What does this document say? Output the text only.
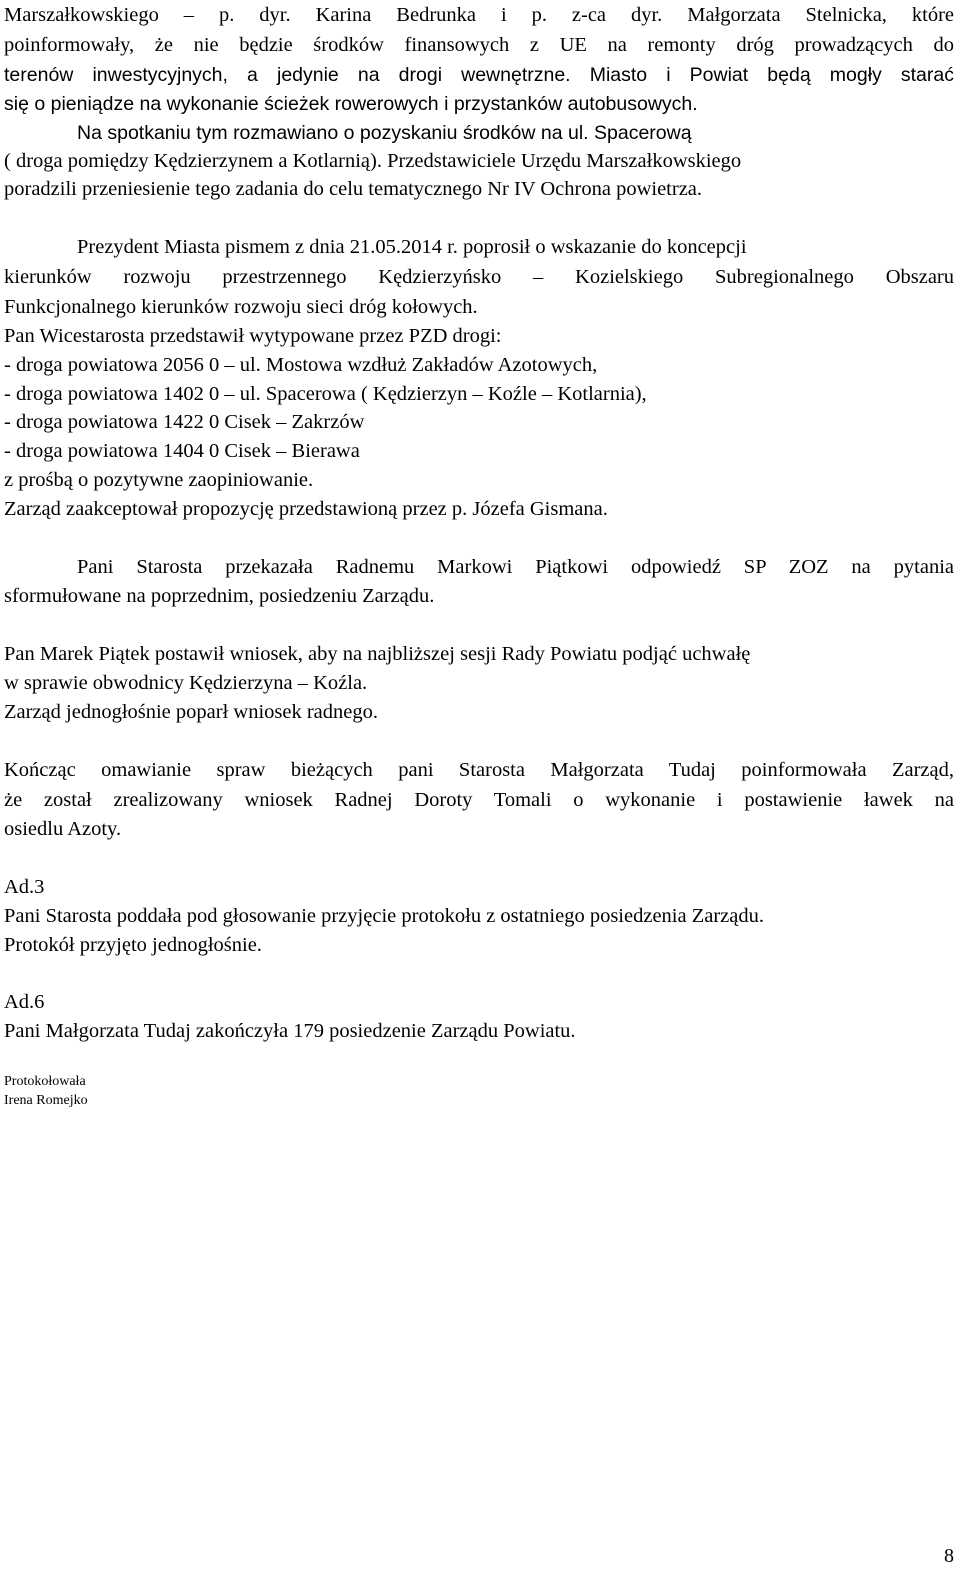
Marszałkowskiego – p. dyr. Karina Bedrunka i p. z-ca dyr. Małgorzata Stelnicka, które
poinformowały, że nie będzie środków finansowych z UE na remonty dróg prowadzących do
terenów inwestycyjnych, a jedynie na drogi wewnętrzne. Miasto i Powiat będą mogły starać
się o pieniądze na wykonanie ścieżek rowerowych i przystanków autobusowych.
Na spotkaniu tym rozmawiano o pozyskaniu środków na ul. Spacerową
( droga pomiędzy Kędzierzynem a Kotlarnią). Przedstawiciele Urzędu Marszałkowskiego
poradzili przeniesienie tego zadania do celu tematycznego Nr IV Ochrona powietrza.
Prezydent Miasta pismem z dnia 21.05.2014 r. poprosił o wskazanie do koncepcji
kierunków rozwoju przestrzennego Kędzierzyńsko – Kozielskiego Subregionalnego Obszaru
Funkcjonalnego kierunków rozwoju sieci dróg kołowych.
Pan Wicestarosta przedstawił wytypowane przez PZD drogi:
- droga powiatowa 2056 0 – ul. Mostowa wzdłuż Zakładów Azotowych,
- droga powiatowa 1402 0 – ul. Spacerowa ( Kędzierzyn – Koźle – Kotlarnia),
- droga powiatowa 1422 0 Cisek – Zakrzów
- droga powiatowa 1404 0 Cisek – Bierawa
z prośbą o pozytywne zaopiniowanie.
Zarząd zaakceptował propozycję przedstawioną przez p. Józefa Gismana.
Pani Starosta przekazała Radnemu Markowi Piątkowi odpowiedź SP ZOZ na pytania
sformułowane na poprzednim, posiedzeniu Zarządu.
Pan Marek Piątek postawił wniosek, aby na najbliższej sesji Rady Powiatu podjąć uchwałę
w sprawie obwodnicy Kędzierzyna – Koźla.
Zarząd jednogłośnie poparł wniosek radnego.
Kończąc omawianie spraw bieżących pani Starosta Małgorzata Tudaj poinformowała Zarząd,
że został zrealizowany wniosek Radnej Doroty Tomali o wykonanie i postawienie ławek na
osiedlu Azoty.
Ad.3
Pani Starosta poddała pod głosowanie przyjęcie protokołu z ostatniego posiedzenia Zarządu.
Protokół przyjęto jednogłośnie.
Ad.6
Pani Małgorzata Tudaj zakończyła 179 posiedzenie Zarządu Powiatu.
Protokołowała
Irena Romejko
8
